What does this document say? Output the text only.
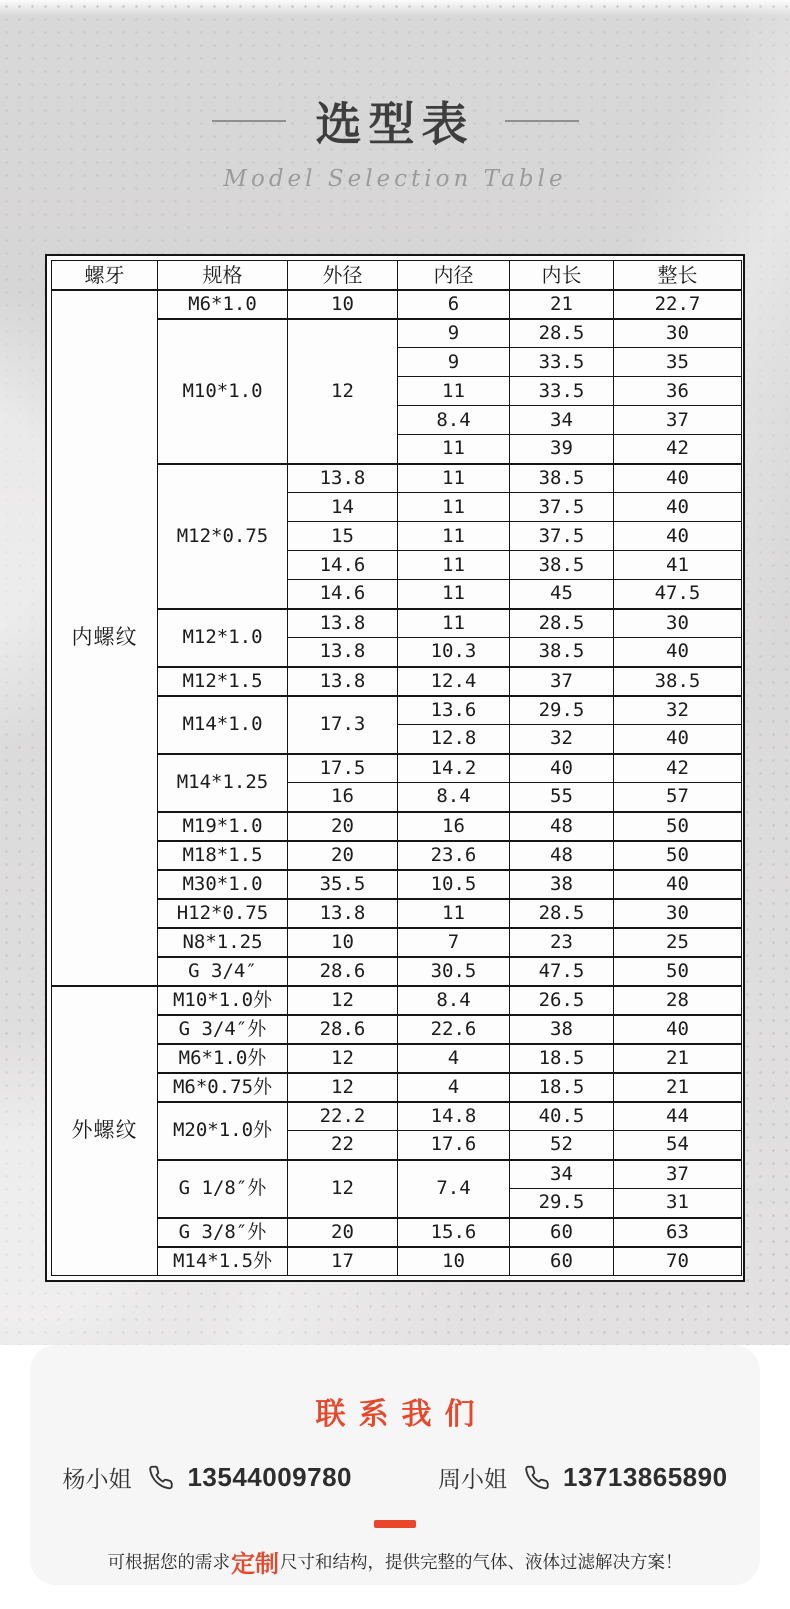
选型表
Model Selection Table
螺牙	规格	外径	内径	内长	整长
内螺纹	M6*1.0	10	6	21	22.7
	M10*1.0	12	9	28.5	30
			9	33.5	35
			11	33.5	36
			8.4	34	37
			11	39	42
	M12*0.75	13.8	11	38.5	40
		14	11	37.5	40
		15	11	37.5	40
		14.6	11	38.5	41
		14.6	11	45	47.5
	M12*1.0	13.8	11	28.5	30
		13.8	10.3	38.5	40
	M12*1.5	13.8	12.4	37	38.5
	M14*1.0	17.3	13.6	29.5	32
			12.8	32	40
	M14*1.25	17.5	14.2	40	42
		16	8.4	55	57
	M19*1.0	20	16	48	50
	M18*1.5	20	23.6	48	50
	M30*1.0	35.5	10.5	38	40
	H12*0.75	13.8	11	28.5	30
	N8*1.25	10	7	23	25
	G 3/4″	28.6	30.5	47.5	50
外螺纹	M10*1.0外	12	8.4	26.5	28
	G 3/4″外	28.6	22.6	38	40
	M6*1.0外	12	4	18.5	21
	M6*0.75外	12	4	18.5	21
	M20*1.0外	22.2	14.8	40.5	44
		22	17.6	52	54
	G 1/8″外	12	7.4	34	37
				29.5	31
	G 3/8″外	20	15.6	60	63
	M14*1.5外	17	10	60	70
联系我们
杨小姐 13544009780	周小姐 13713865890
可根据您的需求 定制 尺寸和结构，提供完整的气体、液体过滤解决方案！
